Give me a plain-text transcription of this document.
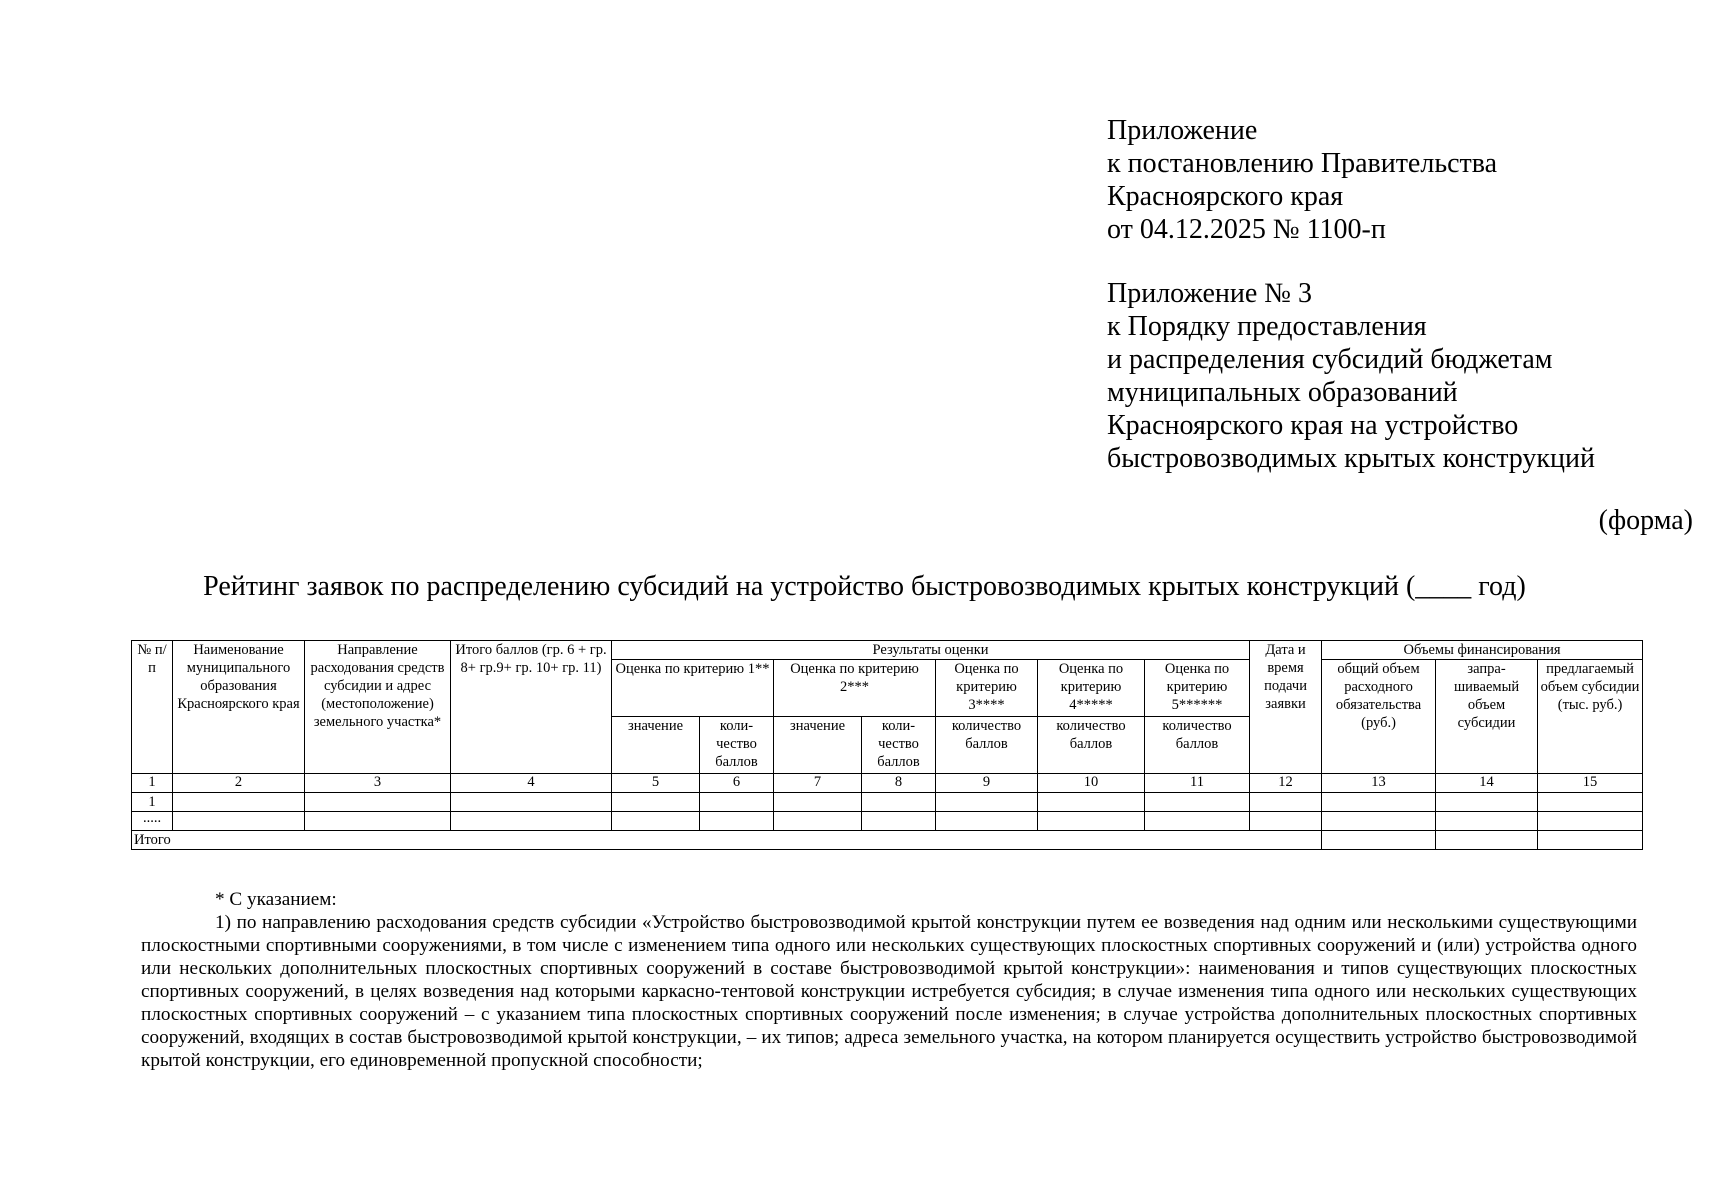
Приложение
к постановлению Правительства
Красноярского края
от 04.12.2025 № 1100-п
Приложение № 3
к Порядку предоставления
и распределения субсидий бюджетам
муниципальных образований
Красноярского края на устройство
быстровозводимых крытых конструкций
(форма)
Рейтинг заявок по распределению субсидий на устройство быстровозводимых крытых конструкций (____ год)
№ п/п	Наименование муниципального образования Красноярского края	Направление расходования средств субсидии и адрес (местоположение) земельного участка*	Итого баллов (гр. 6 + гр. 8+ гр.9+ гр. 10+ гр. 11)	Результаты оценки							Дата и время подачи заявки	Объемы финансирования		
				Оценка по критерию 1**		Оценка по критерию 2***		Оценка по критерию 3****	Оценка по критерию 4*****	Оценка по критерию 5******		общий объем расходного обязательства (руб.)	запра- шиваемый объем субсидии	предлагаемый объем субсидии (тыс. руб.)
				значение	коли- чество баллов	значение	коли- чество баллов	количество баллов	количество баллов	количество баллов				
1	2	3	4	5	6	7	8	9	10	11	12	13	14	15
1														
.....														
Итого														
* С указанием:
1) по направлению расходования средств субсидии «Устройство быстровозводимой крытой конструкции путем ее возведения над одним или несколькими существующими плоскостными спортивными сооружениями, в том числе с изменением типа одного или нескольких существующих плоскостных спортивных сооружений и (или) устройства одного или нескольких дополнительных плоскостных спортивных сооружений в составе быстровозводимой крытой конструкции»: наименования и типов существующих плоскостных спортивных сооружений, в целях возведения над которыми каркасно-тентовой конструкции истребуется субсидия; в случае изменения типа одного или нескольких существующих плоскостных спортивных сооружений – с указанием типа плоскостных спортивных сооружений после изменения; в случае устройства дополнительных плоскостных спортивных сооружений, входящих в состав быстровозводимой крытой конструкции, – их типов; адреса земельного участка, на котором планируется осуществить устройство быстровозводимой крытой конструкции, его единовременной пропускной способности;
